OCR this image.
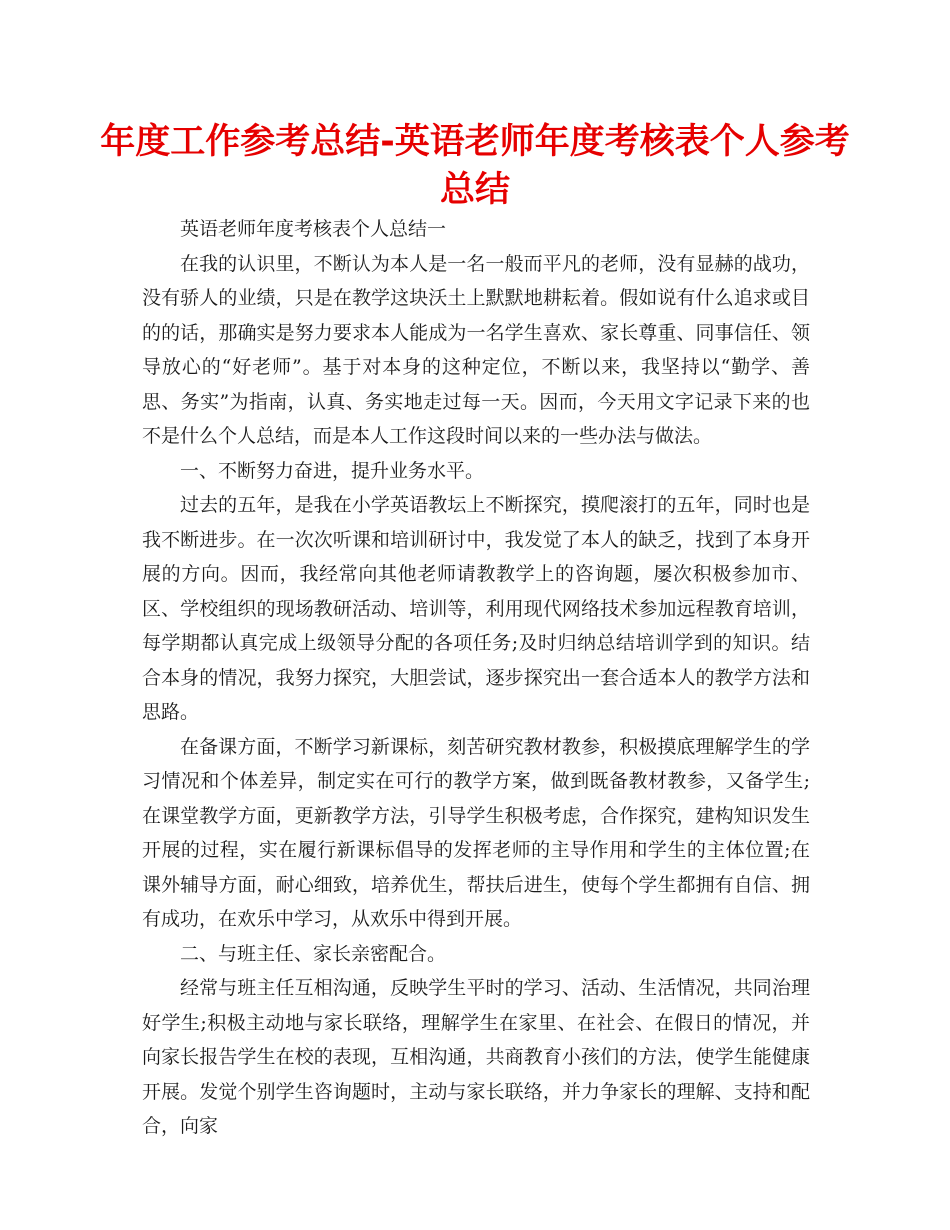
年度工作参考总结-英语老师年度考核表个人参考总结

英语老师年度考核表个人总结一

在我的认识里，不断认为本人是一名一般而平凡的老师，没有显赫的战功，没有骄人的业绩，只是在教学这块沃土上默默地耕耘着。假如说有什么追求或目的的话，那确实是努力要求本人能成为一名学生喜欢、家长尊重、同事信任、领导放心的“好老师”。基于对本身的这种定位，不断以来，我坚持以“勤学、善思、务实”为指南，认真、务实地走过每一天。因而，今天用文字记录下来的也不是什么个人总结，而是本人工作这段时间以来的一些办法与做法。

一、不断努力奋进，提升业务水平。

过去的五年，是我在小学英语教坛上不断探究，摸爬滚打的五年，同时也是我不断进步。在一次次听课和培训研讨中，我发觉了本人的缺乏，找到了本身开展的方向。因而，我经常向其他老师请教教学上的咨询题，屡次积极参加市、区、学校组织的现场教研活动、培训等，利用现代网络技术参加远程教育培训，每学期都认真完成上级领导分配的各项任务;及时归纳总结培训学到的知识。结合本身的情况，我努力探究，大胆尝试，逐步探究出一套合适本人的教学方法和思路。

在备课方面，不断学习新课标，刻苦研究教材教参，积极摸底理解学生的学习情况和个体差异，制定实在可行的教学方案，做到既备教材教参，又备学生;在课堂教学方面，更新教学方法，引导学生积极考虑，合作探究，建构知识发生开展的过程，实在履行新课标倡导的发挥老师的主导作用和学生的主体位置;在课外辅导方面，耐心细致，培养优生，帮扶后进生，使每个学生都拥有自信、拥有成功，在欢乐中学习，从欢乐中得到开展。

二、与班主任、家长亲密配合。

经常与班主任互相沟通，反映学生平时的学习、活动、生活情况，共同治理好学生;积极主动地与家长联络，理解学生在家里、在社会、在假日的情况，并向家长报告学生在校的表现，互相沟通，共商教育小孩们的方法，使学生能健康开展。发觉个别学生咨询题时，主动与家长联络，并力争家长的理解、支持和配合，向家
